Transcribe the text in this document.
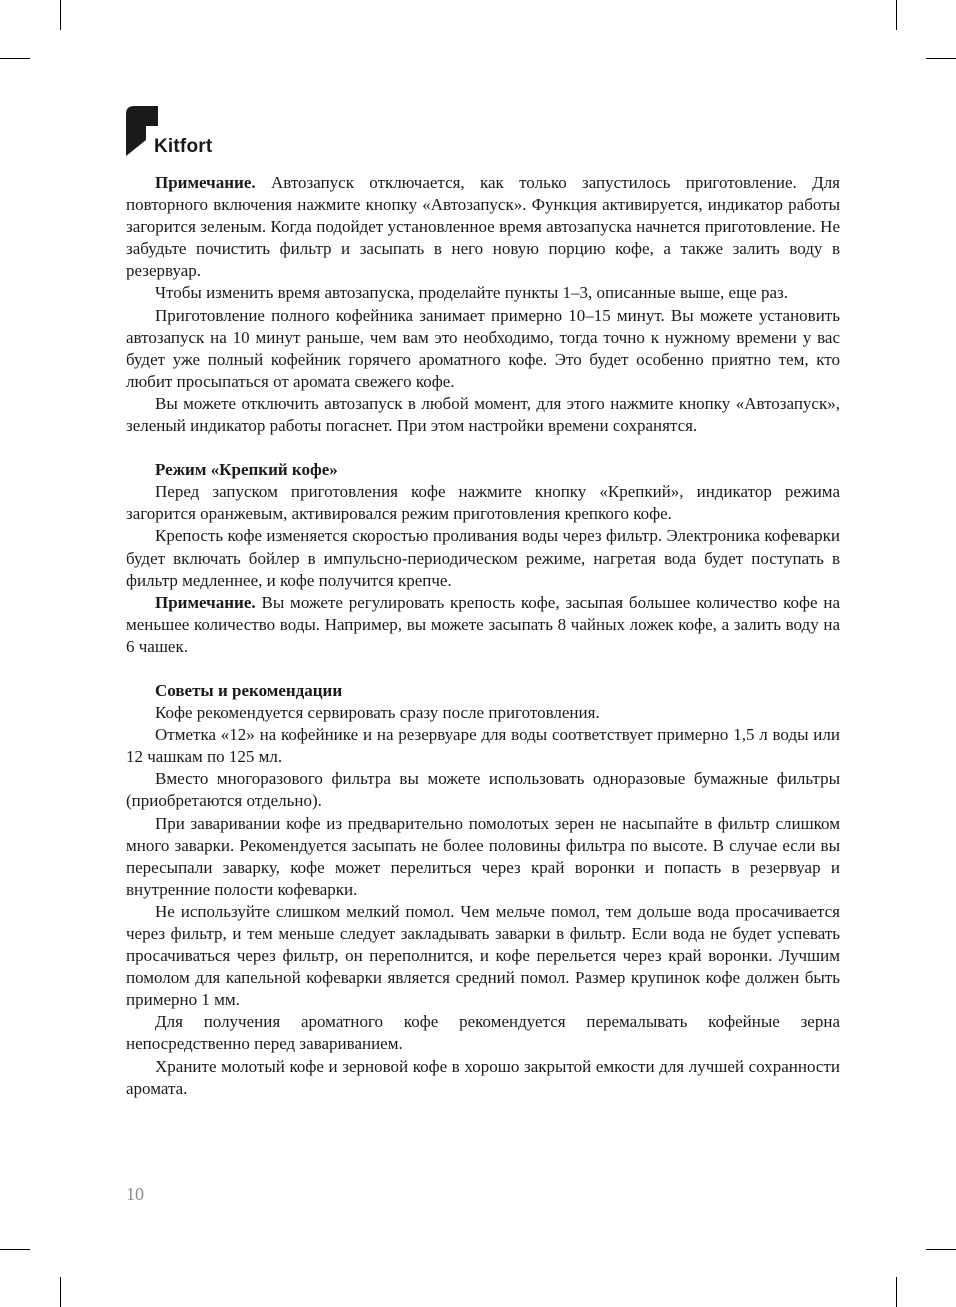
Kitfort

Примечание. Автозапуск отключается, как только запустилось приготовление. Для повторного включения нажмите кнопку «Автозапуск». Функция активируется, индикатор работы загорится зеленым. Когда подойдет установленное время автозапуска начнется приготовление. Не забудьте почистить фильтр и засыпать в него новую порцию кофе, а также залить воду в резервуар.

Чтобы изменить время автозапуска, проделайте пункты 1–3, описанные выше, еще раз.

Приготовление полного кофейника занимает примерно 10–15 минут. Вы можете установить автозапуск на 10 минут раньше, чем вам это необходимо, тогда точно к нужному времени у вас будет уже полный кофейник горячего ароматного кофе. Это будет особенно приятно тем, кто любит просыпаться от аромата свежего кофе.

Вы можете отключить автозапуск в любой момент, для этого нажмите кнопку «Автозапуск», зеленый индикатор работы погаснет. При этом настройки времени сохранятся.

Режим «Крепкий кофе»

Перед запуском приготовления кофе нажмите кнопку «Крепкий», индикатор режима загорится оранжевым, активировался режим приготовления крепкого кофе.

Крепость кофе изменяется скоростью проливания воды через фильтр. Электроника кофеварки будет включать бойлер в импульсно-периодическом режиме, нагретая вода будет поступать в фильтр медленнее, и кофе получится крепче.

Примечание. Вы можете регулировать крепость кофе, засыпая большее количество кофе на меньшее количество воды. Например, вы можете засыпать 8 чайных ложек кофе, а залить воду на 6 чашек.

Советы и рекомендации

Кофе рекомендуется сервировать сразу после приготовления.

Отметка «12» на кофейнике и на резервуаре для воды соответствует примерно 1,5 л воды или 12 чашкам по 125 мл.

Вместо многоразового фильтра вы можете использовать одноразовые бумажные фильтры (приобретаются отдельно).

При заваривании кофе из предварительно помолотых зерен не насыпайте в фильтр слишком много заварки. Рекомендуется засыпать не более половины фильтра по высоте. В случае если вы пересыпали заварку, кофе может перелиться через край воронки и попасть в резервуар и внутренние полости кофеварки.

Не используйте слишком мелкий помол. Чем мельче помол, тем дольше вода просачивается через фильтр, и тем меньше следует закладывать заварки в фильтр. Если вода не будет успевать просачиваться через фильтр, он переполнится, и кофе перельется через край воронки. Лучшим помолом для капельной кофеварки является средний помол. Размер крупинок кофе должен быть примерно 1 мм.

Для получения ароматного кофе рекомендуется перемалывать кофейные зерна непосредственно перед завариванием.

Храните молотый кофе и зерновой кофе в хорошо закрытой емкости для лучшей сохранности аромата.

10
